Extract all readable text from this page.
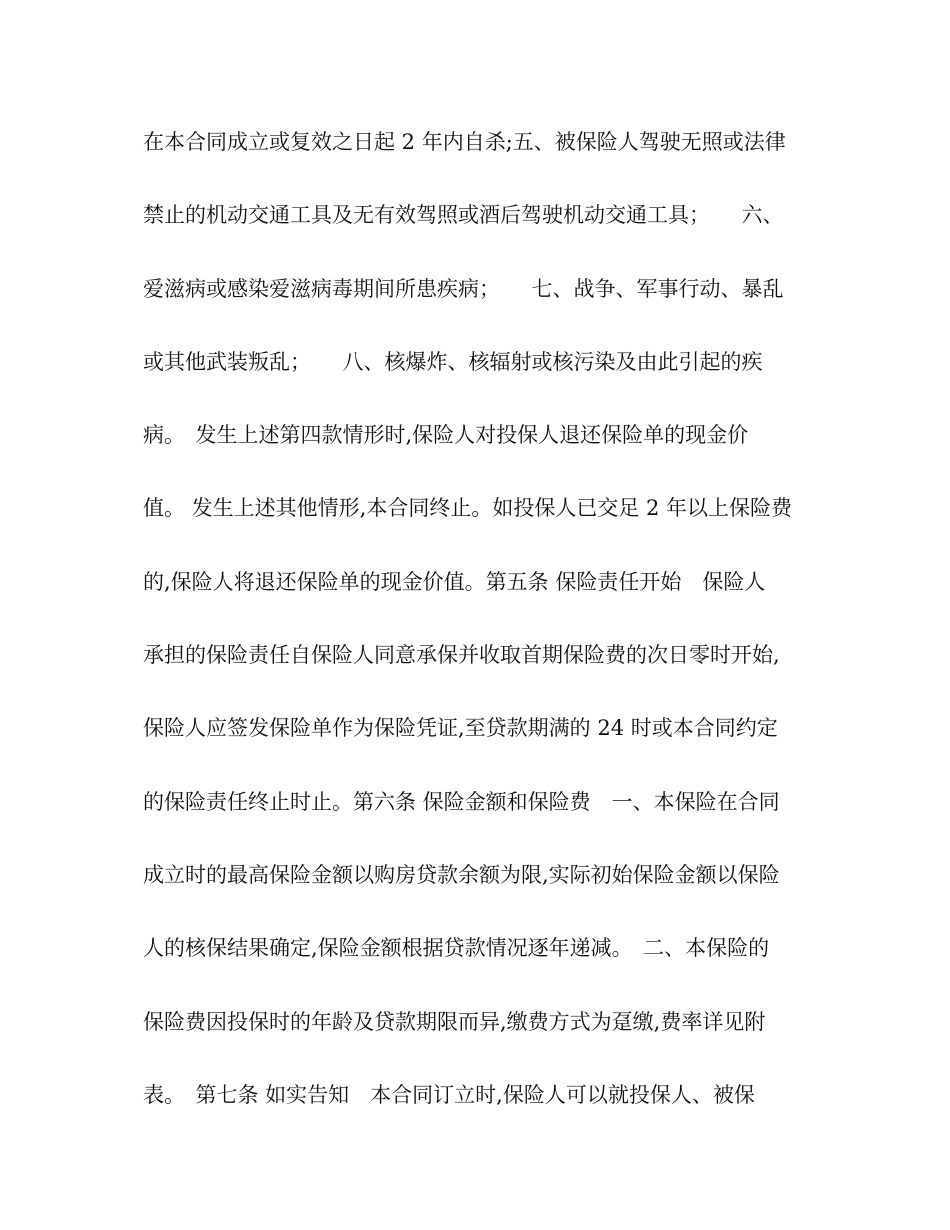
在本合同成立或复效之日起 2 年内自杀;五、被保险人驾驶无照或法律
禁止的机动交通工具及无有效驾照或酒后驾驶机动交通工具；　　六、
爱滋病或感染爱滋病毒期间所患疾病；　　七、战争、军事行动、暴乱
或其他武装叛乱；　　八、核爆炸、核辐射或核污染及由此引起的疾
病。　发生上述第四款情形时,保险人对投保人退还保险单的现金价
值。 发生上述其他情形,本合同终止。如投保人已交足 2 年以上保险费
的,保险人将退还保险单的现金价值。第五条 保险责任开始　保险人
承担的保险责任自保险人同意承保并收取首期保险费的次日零时开始,
保险人应签发保险单作为保险凭证,至贷款期满的 24 时或本合同约定
的保险责任终止时止。第六条 保险金额和保险费　一、本保险在合同
成立时的最高保险金额以购房贷款余额为限,实际初始保险金额以保险
人的核保结果确定,保险金额根据贷款情况逐年递减。　二、本保险的
保险费因投保时的年龄及贷款期限而异,缴费方式为趸缴,费率详见附
表。　第七条 如实告知　本合同订立时,保险人可以就投保人、被保
